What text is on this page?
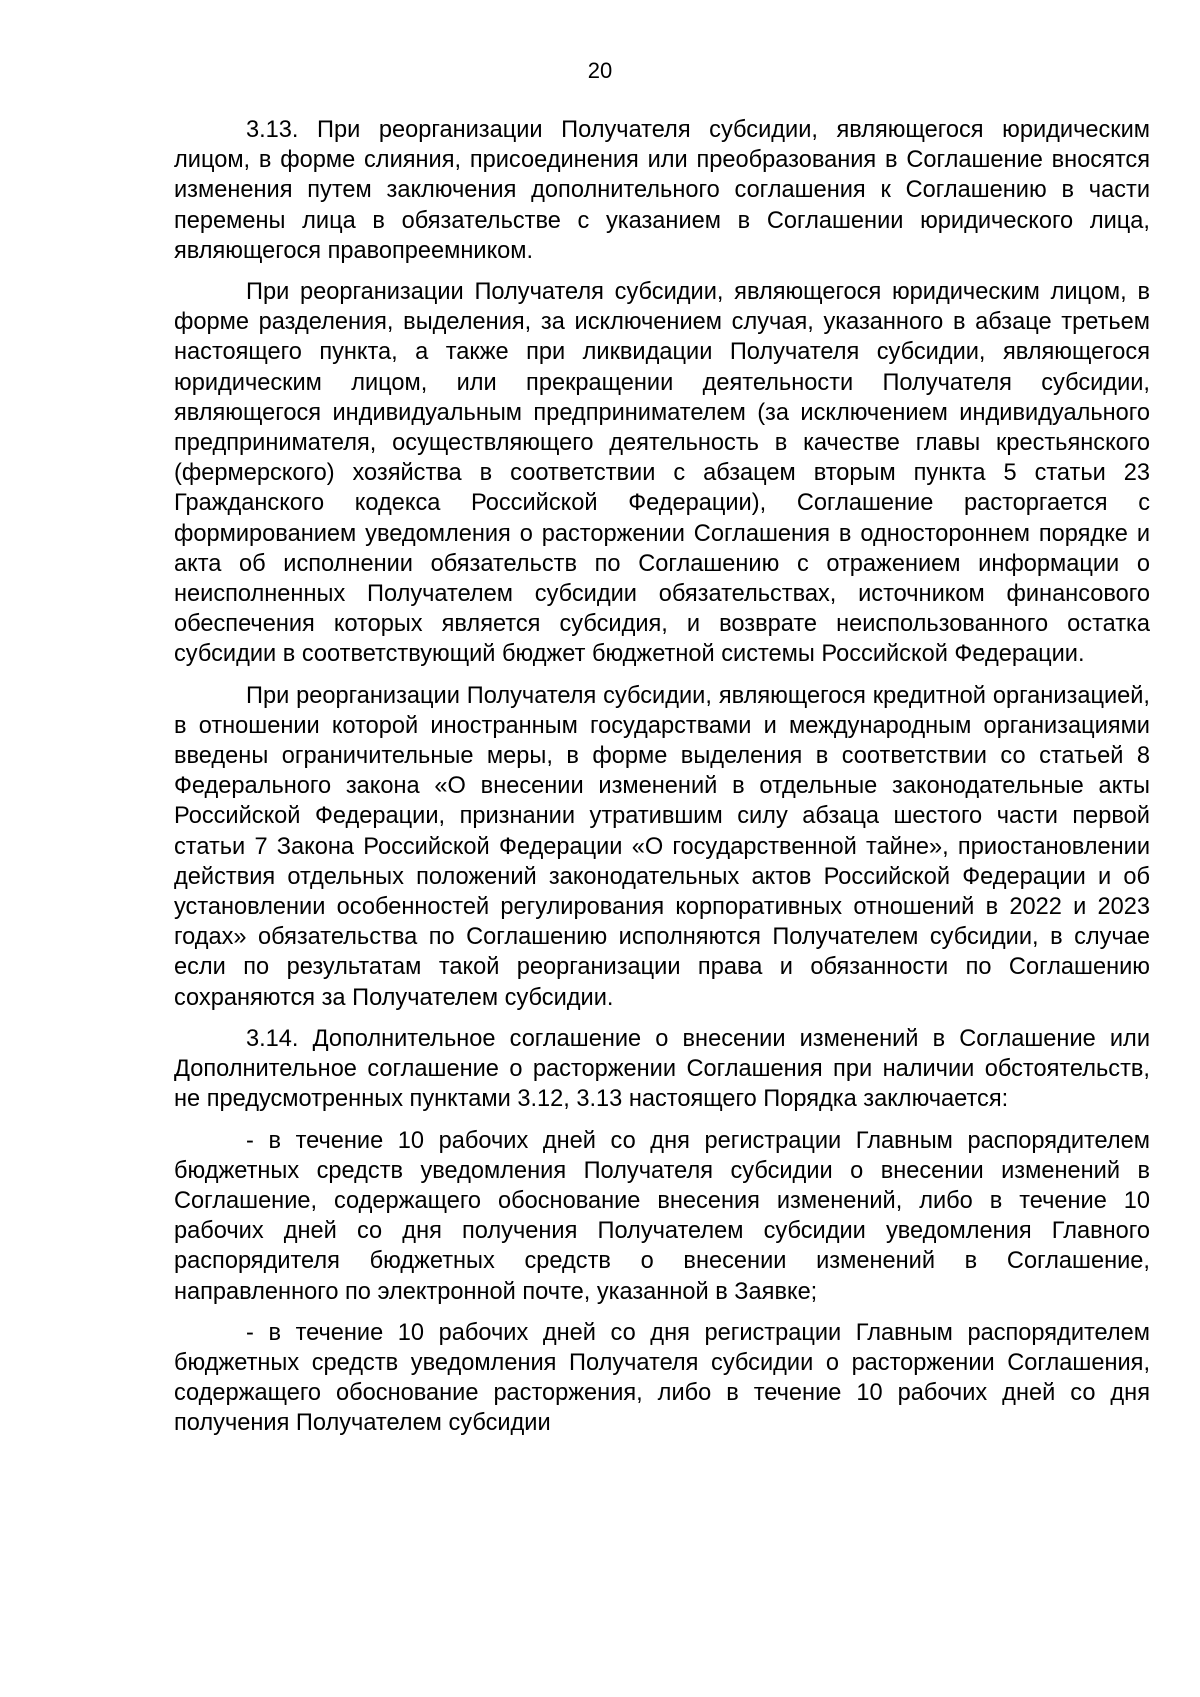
20

3.13. При реорганизации Получателя субсидии, являющегося юридическим лицом, в форме слияния, присоединения или преобразования в Соглашение вносятся изменения путем заключения дополнительного соглашения к Соглашению в части перемены лица в обязательстве с указанием в Соглашении юридического лица, являющегося правопреемником.

При реорганизации Получателя субсидии, являющегося юридическим лицом, в форме разделения, выделения, за исключением случая, указанного в абзаце третьем настоящего пункта, а также при ликвидации Получателя субсидии, являющегося юридическим лицом, или прекращении деятельности Получателя субсидии, являющегося индивидуальным предпринимателем (за исключением индивидуального предпринимателя, осуществляющего деятельность в качестве главы крестьянского (фермерского) хозяйства в соответствии с абзацем вторым пункта 5 статьи 23 Гражданского кодекса Российской Федерации), Соглашение расторгается с формированием уведомления о расторжении Соглашения в одностороннем порядке и акта об исполнении обязательств по Соглашению с отражением информации о неисполненных Получателем субсидии обязательствах, источником финансового обеспечения которых является субсидия, и возврате неиспользованного остатка субсидии в соответствующий бюджет бюджетной системы Российской Федерации.

При реорганизации Получателя субсидии, являющегося кредитной организацией, в отношении которой иностранным государствами и международным организациями введены ограничительные меры, в форме выделения в соответствии со статьей 8 Федерального закона «О внесении изменений в отдельные законодательные акты Российской Федерации, признании утратившим силу абзаца шестого части первой статьи 7 Закона Российской Федерации «О государственной тайне», приостановлении действия отдельных положений законодательных актов Российской Федерации и об установлении особенностей регулирования корпоративных отношений в 2022 и 2023 годах» обязательства по Соглашению исполняются Получателем субсидии, в случае если по результатам такой реорганизации права и обязанности по Соглашению сохраняются за Получателем субсидии.

3.14. Дополнительное соглашение о внесении изменений в Соглашение или Дополнительное соглашение о расторжении Соглашения при наличии обстоятельств, не предусмотренных пунктами 3.12, 3.13 настоящего Порядка заключается:

- в течение 10 рабочих дней со дня регистрации Главным распорядителем бюджетных средств уведомления Получателя субсидии о внесении изменений в Соглашение, содержащего обоснование внесения изменений, либо в течение 10 рабочих дней со дня получения Получателем субсидии уведомления Главного распорядителя бюджетных средств о внесении изменений в Соглашение, направленного по электронной почте, указанной в Заявке;

- в течение 10 рабочих дней со дня регистрации Главным распорядителем бюджетных средств уведомления Получателя субсидии о расторжении Соглашения, содержащего обоснование расторжения, либо в течение 10 рабочих дней со дня получения Получателем субсидии
